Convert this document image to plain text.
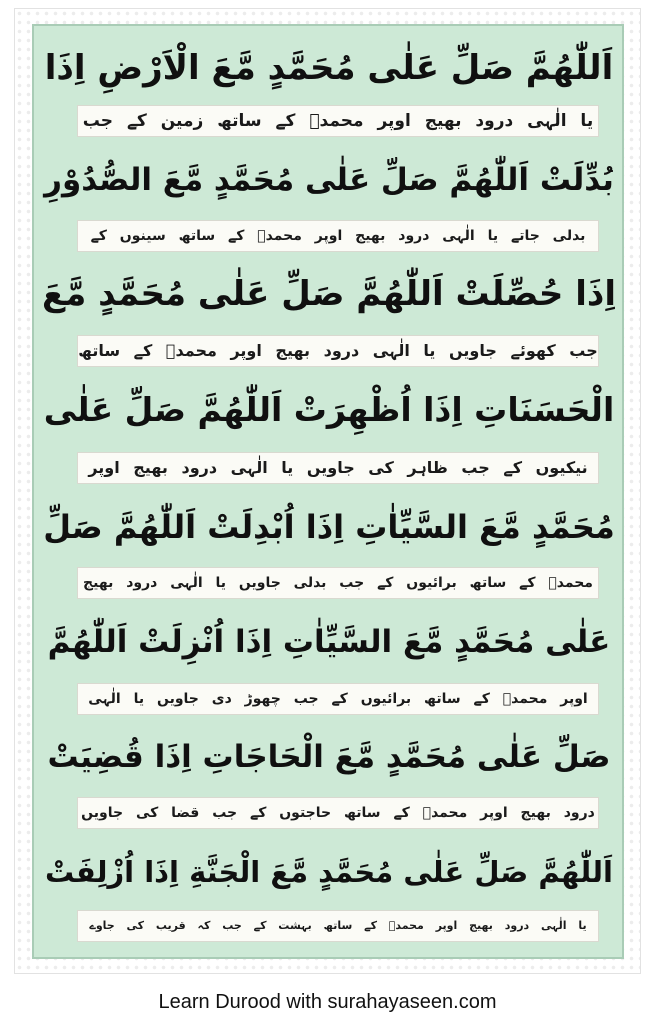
اَللّٰهُمَّ صَلِّ عَلٰى مُحَمَّدٍ مَّعَ الْاَرْضِ اِذَا
یا الٰہی درود بھیج اوپر محمدؐ کے ساتھ زمین کے جب
بُدِّلَتْ اَللّٰهُمَّ صَلِّ عَلٰى مُحَمَّدٍ مَّعَ الصُّدُوْرِ
بدلی جاتے یا الٰہی درود بھیج اوپر محمدؐ کے ساتھ سینوں کے
اِذَا حُصِّلَتْ اَللّٰهُمَّ صَلِّ عَلٰى مُحَمَّدٍ مَّعَ
جب کھوئے جاویں یا الٰہی درود بھیج اوپر محمدؐ کے ساتھ
الْحَسَنَاتِ اِذَا اُظْهِرَتْ اَللّٰهُمَّ صَلِّ عَلٰى
نیکیوں کے جب ظاہر کی جاویں یا الٰہی درود بھیج اوپر
مُحَمَّدٍ مَّعَ السَّيِّاٰتِ اِذَا اُبْدِلَتْ اَللّٰهُمَّ صَلِّ
محمدؐ کے ساتھ برائیوں کے جب بدلی جاویں یا الٰہی درود بھیج
عَلٰى مُحَمَّدٍ مَّعَ السَّيِّاٰتِ اِذَا اُنْزِلَتْ اَللّٰهُمَّ
اوپر محمدؐ کے ساتھ برائیوں کے جب چھوڑ دی جاویں یا الٰہی
صَلِّ عَلٰى مُحَمَّدٍ مَّعَ الْحَاجَاتِ اِذَا قُضِيَتْ
درود بھیج اوپر محمدؐ کے ساتھ حاجتوں کے جب قضا کی جاویں
اَللّٰهُمَّ صَلِّ عَلٰى مُحَمَّدٍ مَّعَ الْجَنَّةِ اِذَا اُزْلِفَتْ
یا الٰہی درود بھیج اوپر محمدؐ کے ساتھ بہشت کے جب کہ قریب کی جاوے
Learn Durood with surahayaseen.com
